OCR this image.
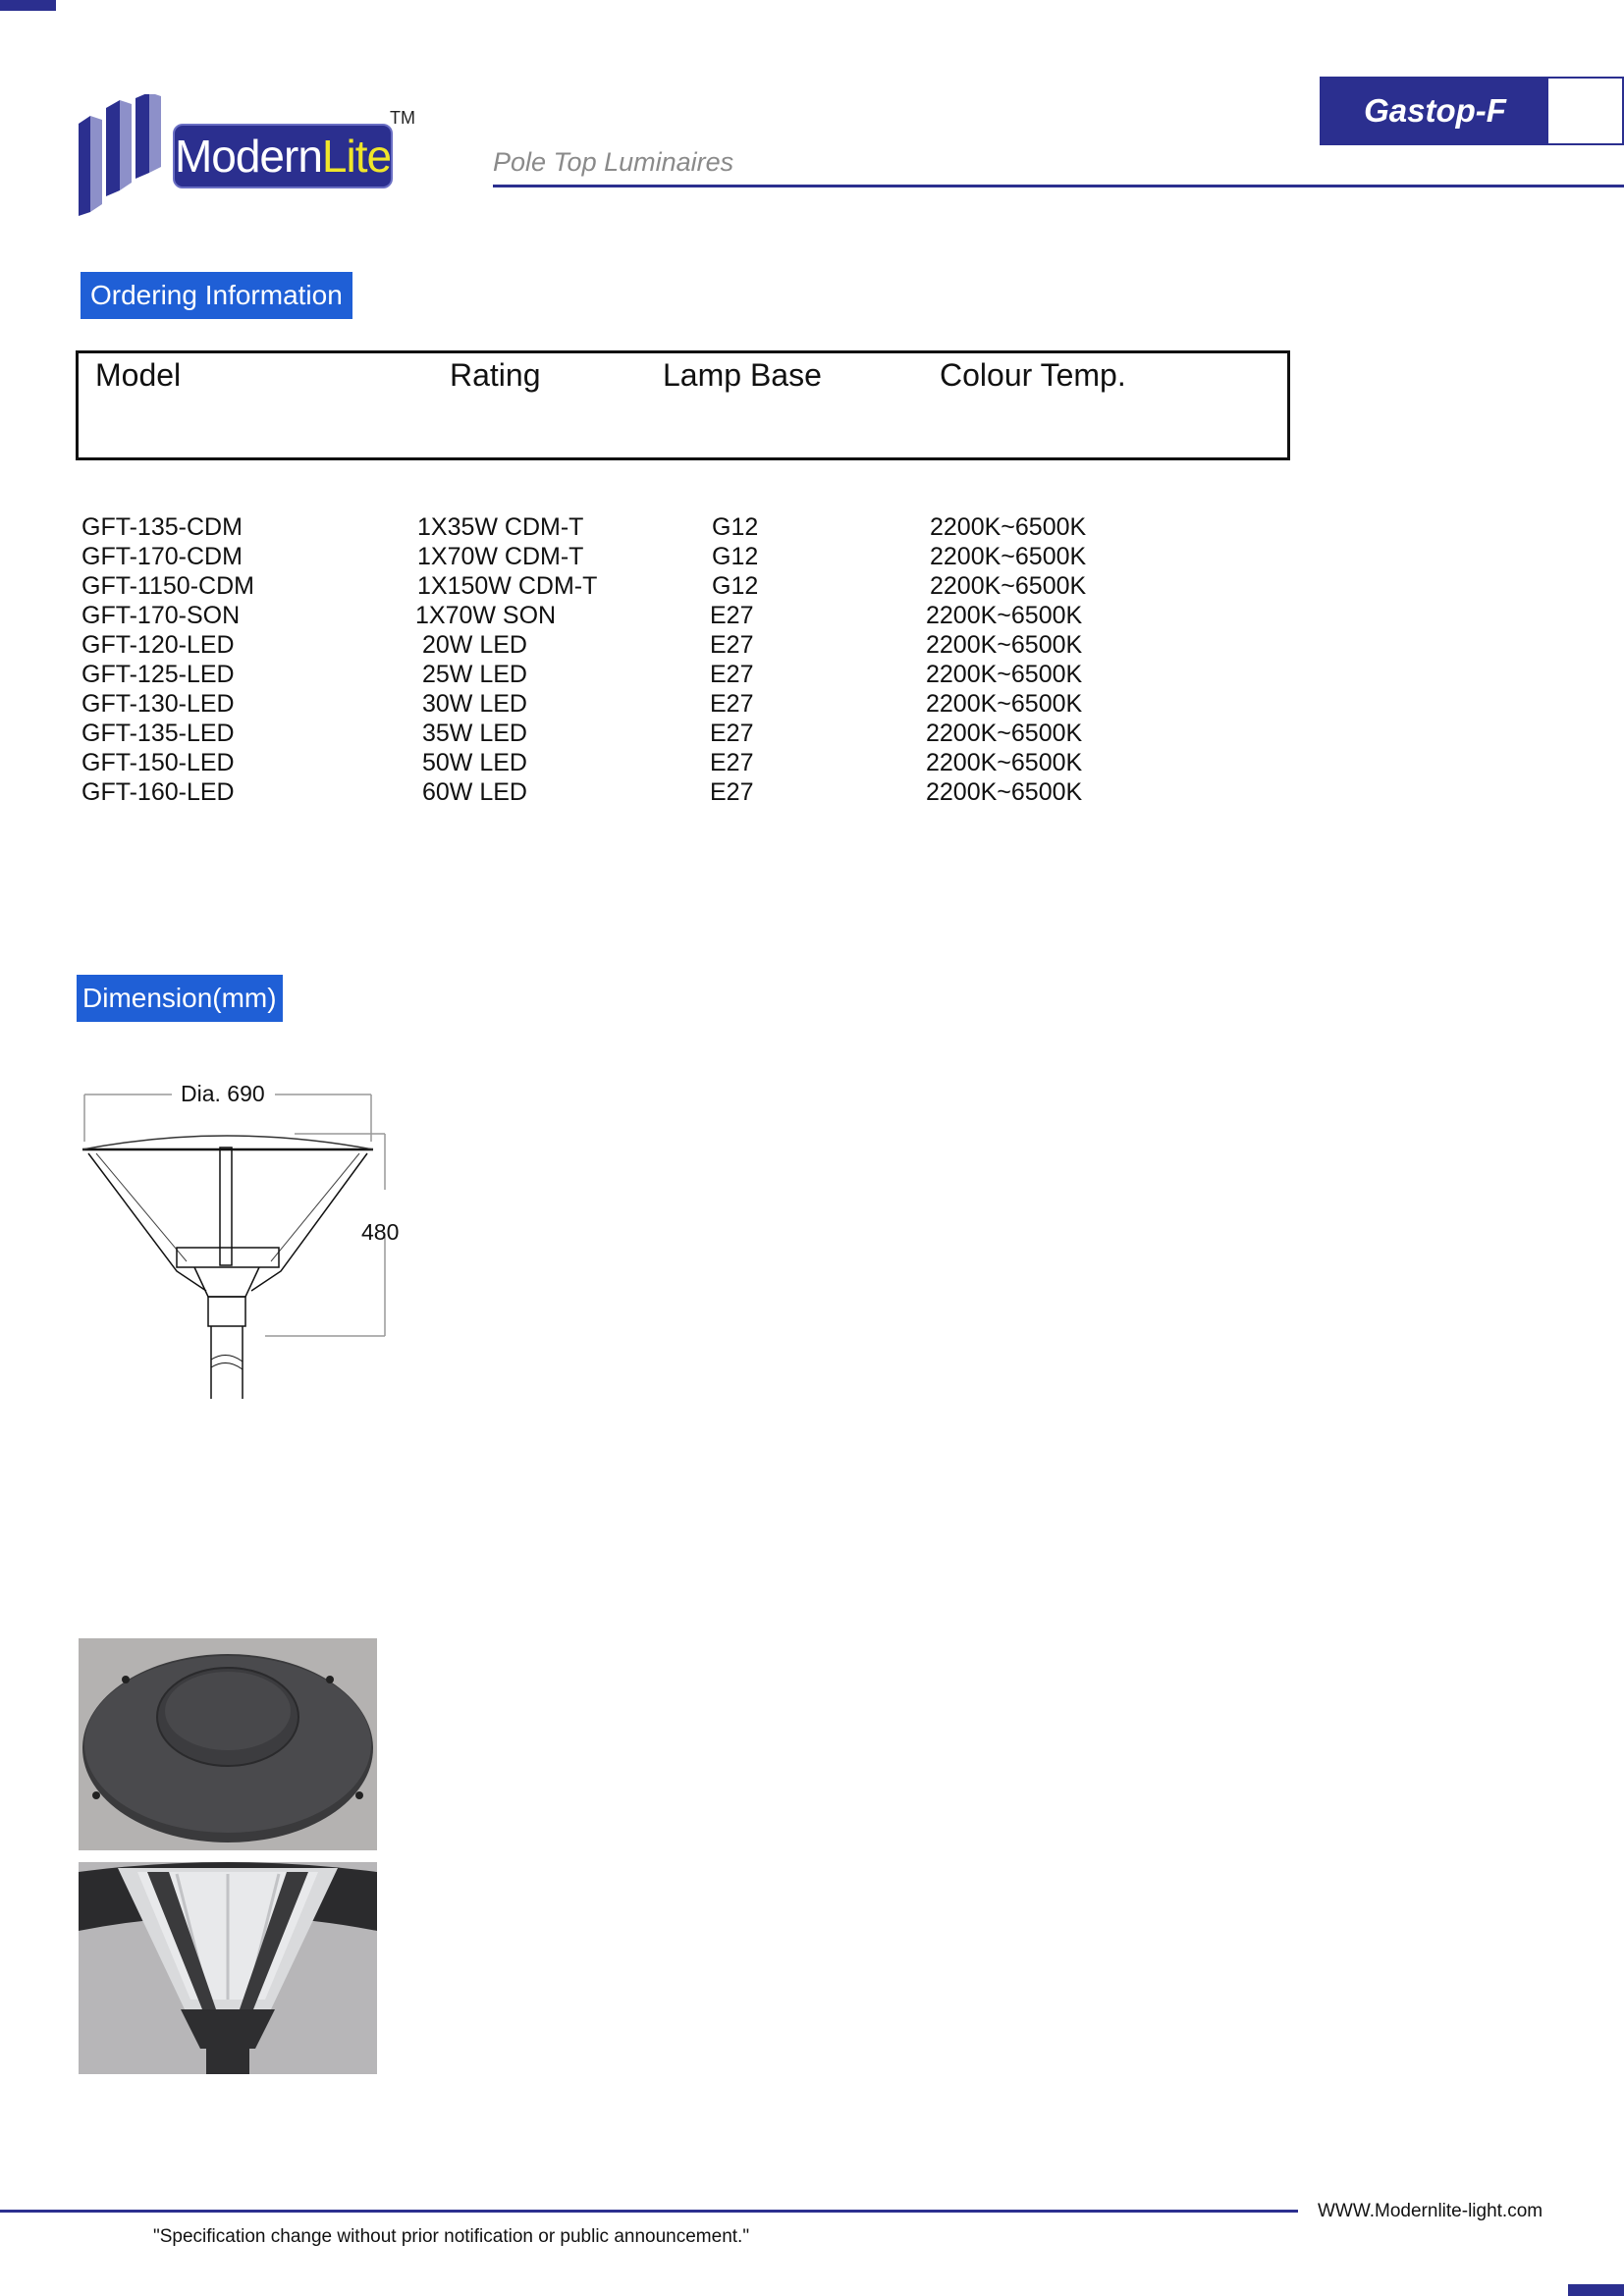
Modern Lite
TM
Pole Top Luminaires
Gastop-F
Ordering Information
Model	Rating	Lamp Base	Colour Temp.
GFT-135-CDM	1X35W CDM-T	G12	2200K~6500K
GFT-170-CDM	1X70W CDM-T	G12	2200K~6500K
GFT-1150-CDM	1X150W CDM-T	G12	2200K~6500K
GFT-170-SON	1X70W SON	E27	2200K~6500K
GFT-120-LED	20W LED	E27	2200K~6500K
GFT-125-LED	25W LED	E27	2200K~6500K
GFT-130-LED	30W LED	E27	2200K~6500K
GFT-135-LED	35W LED	E27	2200K~6500K
GFT-150-LED	50W LED	E27	2200K~6500K
GFT-160-LED	60W LED	E27	2200K~6500K
Dimension(mm)
Dia. 690
480
WWW.Modernlite-light.com
"Specification change without prior notification or public announcement."
